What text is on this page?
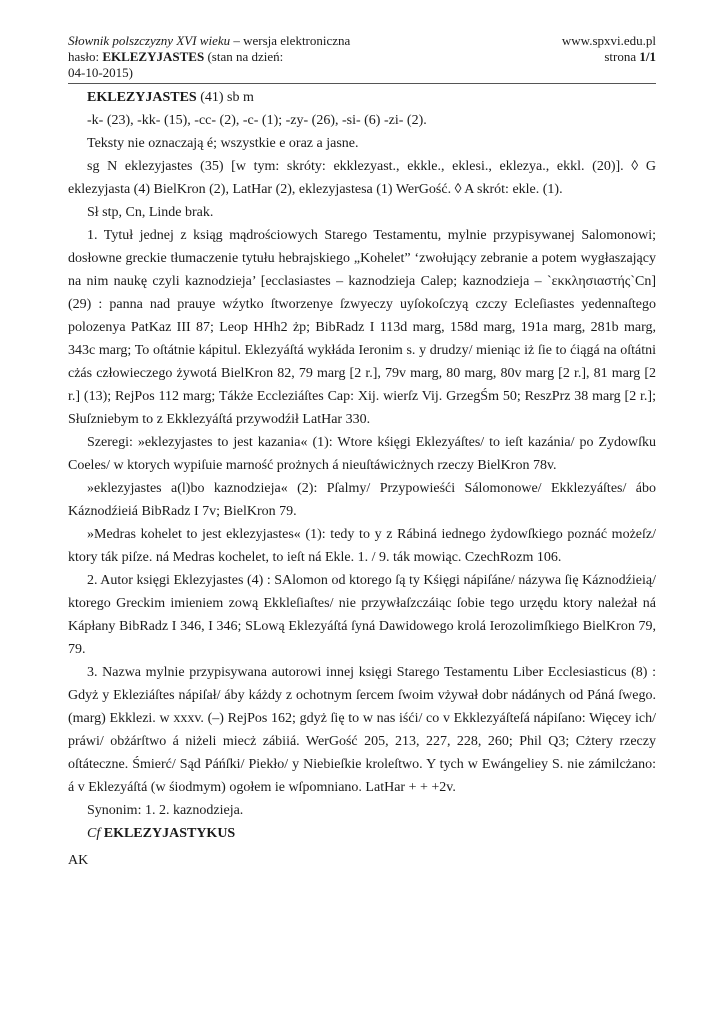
Słownik polszczyzny XVI wieku – wersja elektroniczna
hasło: EKLEZYJASTES (stan na dzień:
04-10-2015)
www.spxvi.edu.pl
strona 1/1

EKLEZYJASTES (41) sb m

-k- (23), -kk- (15), -cc- (2), -c- (1); -zy- (26), -si- (6) -zi- (2).

Teksty nie oznaczają é; wszystkie e oraz a jasne.

sg N eklezyjastes (35) [w tym: skróty: ekklezyast., ekkle., eklesi., eklezya., ekkl. (20)]. ◊ G eklezyjasta (4) BielKron (2), LatHar (2), eklezyjastesa (1) WerGość. ◊ A skrót: ekle. (1).

Sł stp, Cn, Linde brak.

1. Tytuł jednej z ksiąg mądrościowych Starego Testamentu, mylnie przypisywanej Salomonowi; dosłowne greckie tłumaczenie tytułu hebrajskiego „Kohelet” ‘zwołujący zebranie a potem wygłaszający na nim naukę czyli kaznodzieja’ [ecclasiastes – kaznodzieja Calep; kaznodzieja – `εκκλησιαστής`Cn] (29) : panna nad prauye wźytko ſtworzenye ſzwyeczy uyſokoſczyą czczy Ecleſiastes yedennaſtego polozenya PatKaz III 87; Leop HHh2 żp; BibRadz I 113d marg, 158d marg, 191a marg, 281b marg, 343c marg; To oſtátnie kápitul. Eklezyáſtá wykłáda Ieronim s. y drudzy/ mieniąc iż ſie to ćiągá na oſtátni cżás człowieczego żywotá BielKron 82, 79 marg [2 r.], 79v marg, 80 marg, 80v marg [2 r.], 81 marg [2 r.] (13); RejPos 112 marg; Tákże Eccleziáſtes Cap: Xij. wierſz Vij. GrzegŚm 50; ReszPrz 38 marg [2 r.]; Słuſzniebym to z Ekklezyáſtá przywodźił LatHar 330.

Szeregi: »eklezyjastes to jest kazania« (1): Wtore kśięgi Eklezyáſtes/ to ieſt kazánia/ po Zydowſku Coeles/ w ktorych wypiſuie marność prożnych á nieuſtáwicżnych rzeczy BielKron 78v.

»eklezyjastes a(l)bo kaznodzieja« (2): Pſalmy/ Przypowieśći Sálomonowe/ Ekklezyáſtes/ ábo Káznodźieiá BibRadz I 7v; BielKron 79.

»Medras kohelet to jest eklezyjastes« (1): tedy to y z Rábiná iednego żydowſkiego poznáć możeſz/ ktory ták piſze. ná Medras kochelet, to ieſt ná Ekle. 1. / 9. ták mowiąc. CzechRozm 106.

2. Autor księgi Eklezyjastes (4) : SAlomon od ktorego ſą ty Kśięgi nápiſáne/ názywa ſię Káznodźieią/ ktorego Greckim imieniem zową Ekkleſiaſtes/ nie przywłaſzczáiąc ſobie tego urzędu ktory należał ná Kápłany BibRadz I 346, I 346; SLową Eklezyáſtá ſyná Dawidowego krolá Ierozolimſkiego BielKron 79, 79.

3. Nazwa mylnie przypisywana autorowi innej księgi Starego Testamentu Liber Ecclesiasticus (8) : Gdyż y Ekleziáſtes nápiſał/ áby káżdy z ochotnym ſercem ſwoim vżywał dobr nádánych od Páná ſwego. (marg) Ekklezi. w xxxv. (–) RejPos 162; gdyż ſię to w nas iśći/ co v Ekklezyáſteſá nápiſano: Więcey ich/ práwi/ obżárſtwo á niżeli miecż zábiiá. WerGość 205, 213, 227, 228, 260; Phil Q3; Cżtery rzeczy oſtáteczne. Śmierć/ Sąd Páńſki/ Piekło/ y Niebieſkie kroleſtwo. Y tych w Ewángeliey S. nie zámilcżano: á v Eklezyáſtá (w śiodmym) ogołem ie wſpomniano. LatHar + + +2v.

Synonim: 1. 2. kaznodzieja.

Cf EKLEZYJASTYKUS

AK
